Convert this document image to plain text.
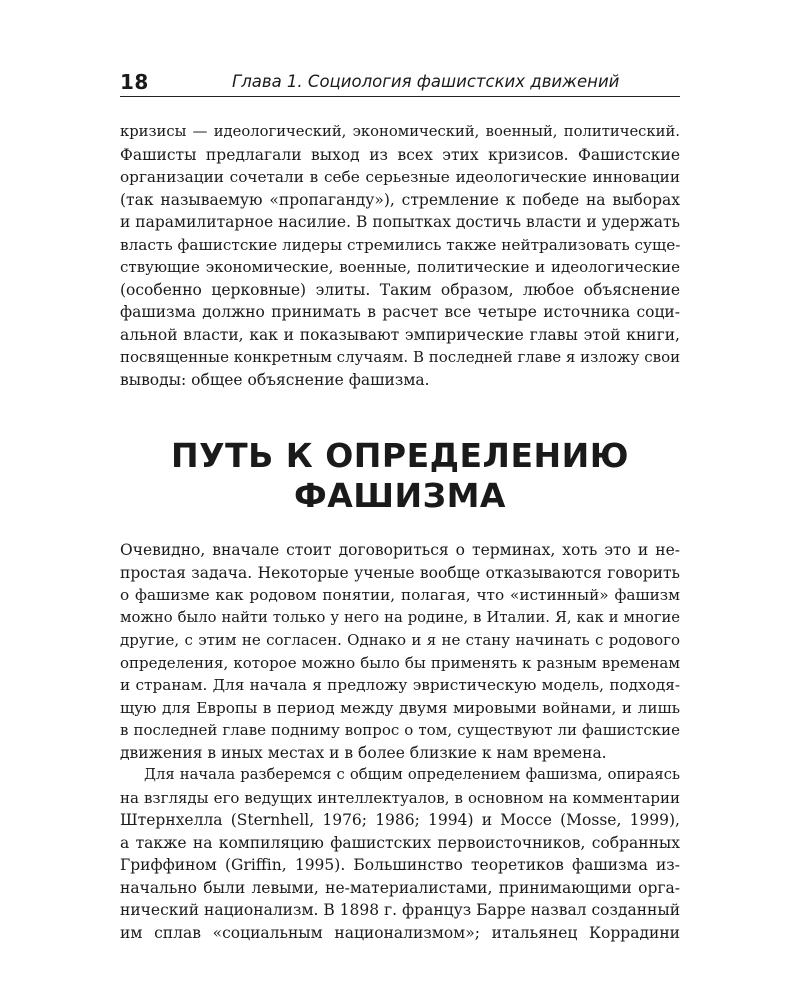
18	Глава 1. Социология фашистских движений
кризисы — идеологический, экономический, военный, политический.
Фашисты предлагали выход из всех этих кризисов. Фашистские
организации сочетали в себе серьезные идеологические инновации
(так называемую «пропаганду»), стремление к победе на выборах
и парамилитарное насилие. В попытках достичь власти и удержать
власть фашистские лидеры стремились также нейтрализовать суще-
ствующие экономические, военные, политические и идеологические
(особенно церковные) элиты. Таким образом, любое объяснение
фашизма должно принимать в расчет все четыре источника соци-
альной власти, как и показывают эмпирические главы этой книги,
посвященные конкретным случаям. В последней главе я изложу свои
выводы: общее объяснение фашизма.
ПУТЬ К ОПРЕДЕЛЕНИЮ
ФАШИЗМА
Очевидно, вначале стоит договориться о терминах, хоть это и не-
простая задача. Некоторые ученые вообще отказываются говорить
о фашизме как родовом понятии, полагая, что «истинный» фашизм
можно было найти только у него на родине, в Италии. Я, как и многие
другие, с этим не согласен. Однако и я не стану начинать с родового
определения, которое можно было бы применять к разным временам
и странам. Для начала я предложу эвристическую модель, подходя-
щую для Европы в период между двумя мировыми войнами, и лишь
в последней главе подниму вопрос о том, существуют ли фашистские
движения в иных местах и в более близкие к нам времена.
Для начала разберемся с общим определением фашизма, опираясь
на взгляды его ведущих интеллектуалов, в основном на комментарии
Штернхелла (Sternhell, 1976; 1986; 1994) и Моссе (Mosse, 1999),
а также на компиляцию фашистских первоисточников, собранных
Гриффином (Griffin, 1995). Большинство теоретиков фашизма из-
начально были левыми, не-материалистами, принимающими орга-
нический национализм. В 1898 г. француз Барре назвал созданный
им сплав «социальным национализмом»; итальянец Коррадини
